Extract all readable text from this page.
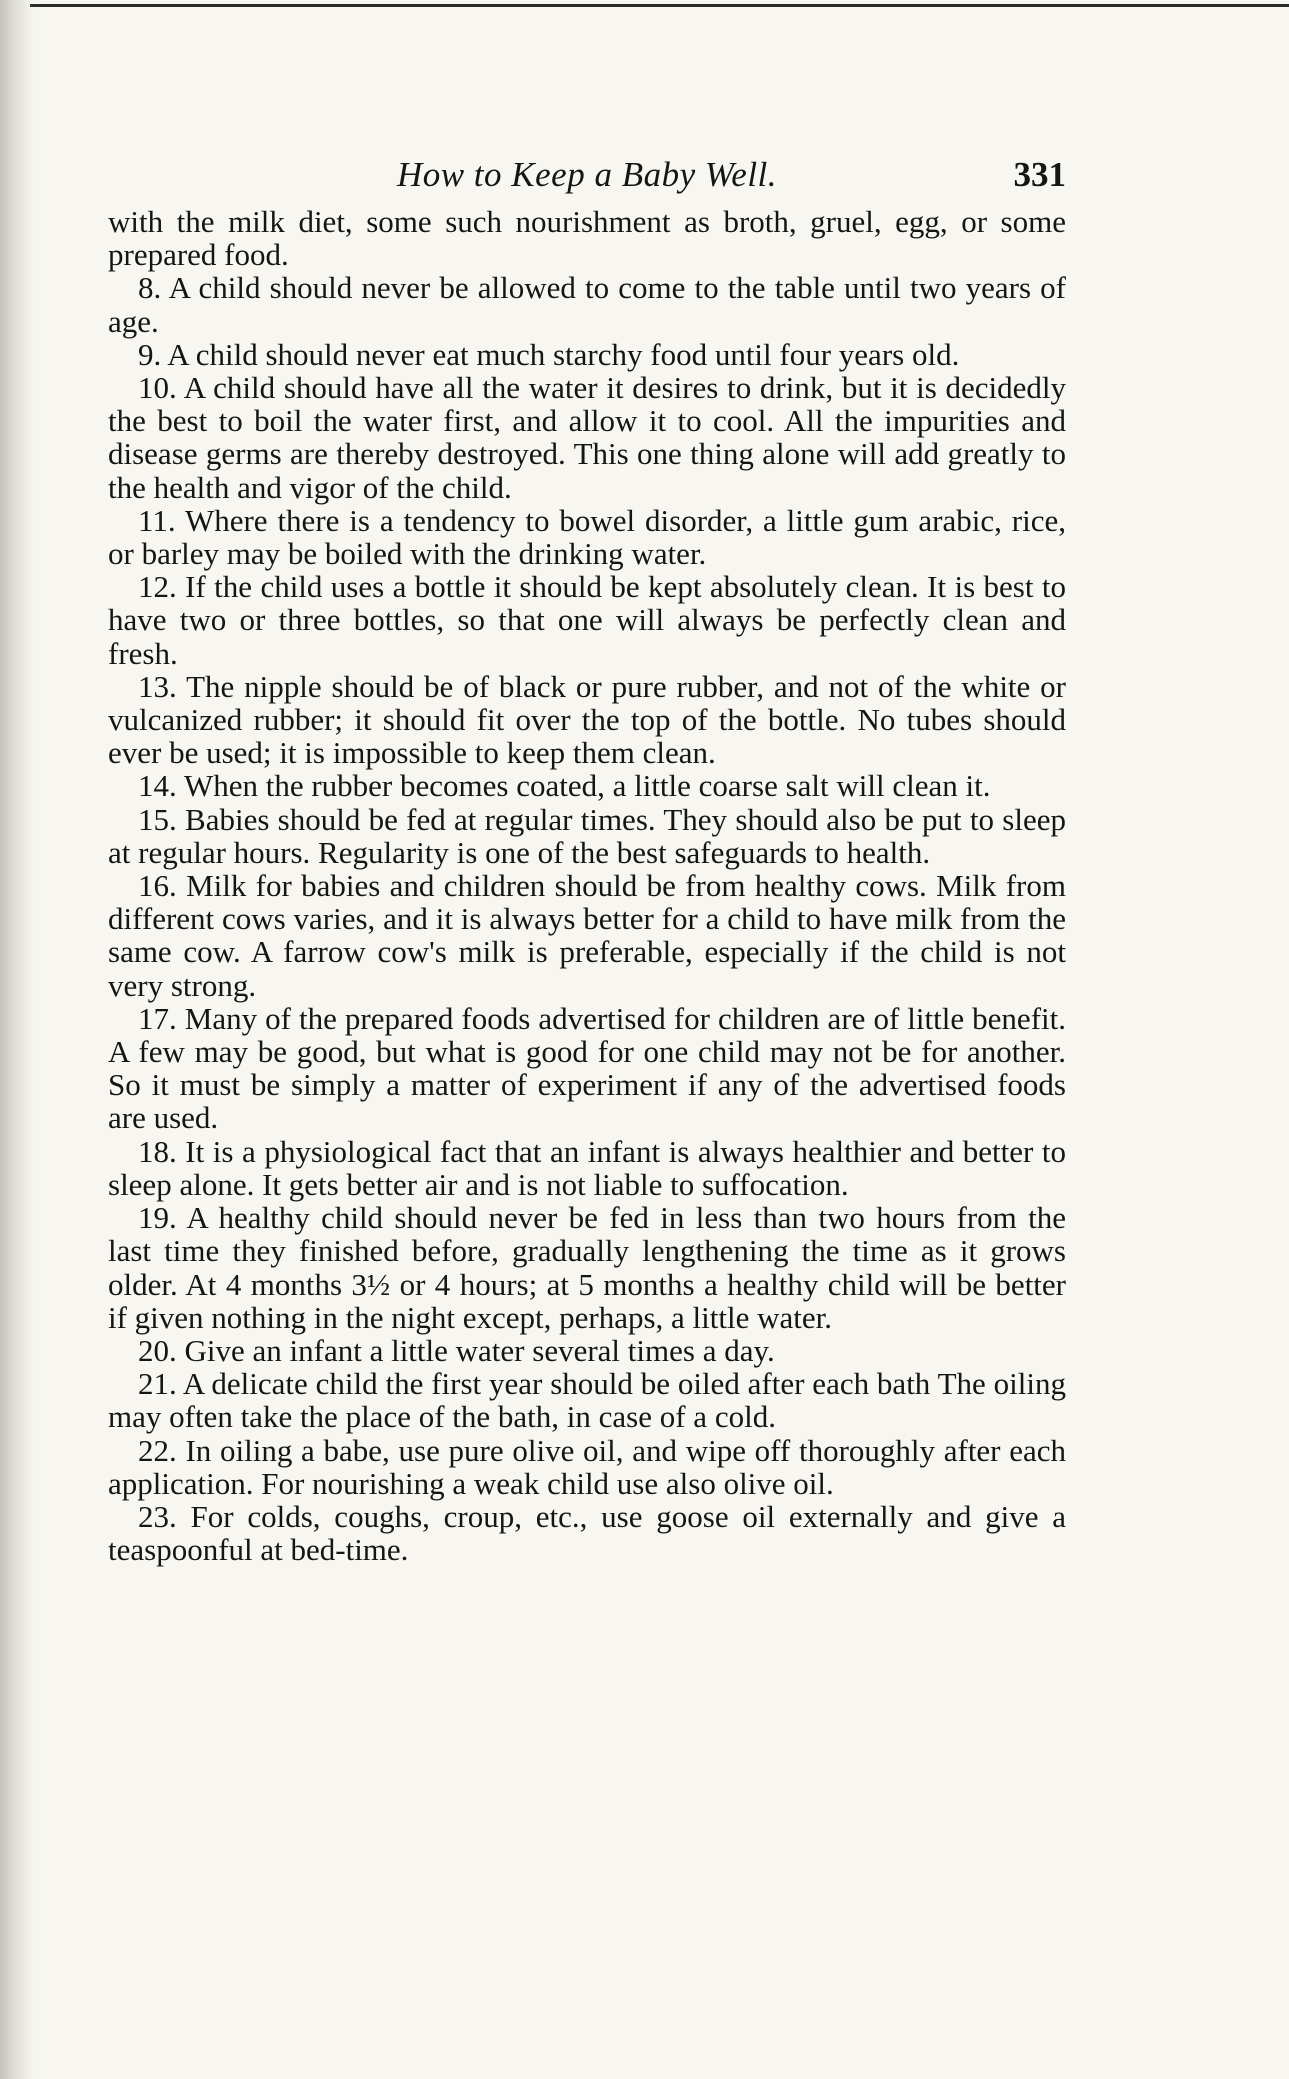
How to Keep a Baby Well.	331

with the milk diet, some such nourishment as broth, gruel, egg, or some prepared food.

8. A child should never be allowed to come to the table until two years of age.

9. A child should never eat much starchy food until four years old.

10. A child should have all the water it desires to drink, but it is decidedly the best to boil the water first, and allow it to cool. All the impurities and disease germs are thereby destroyed. This one thing alone will add greatly to the health and vigor of the child.

11. Where there is a tendency to bowel disorder, a little gum arabic, rice, or barley may be boiled with the drinking water.

12. If the child uses a bottle it should be kept absolutely clean. It is best to have two or three bottles, so that one will always be perfectly clean and fresh.

13. The nipple should be of black or pure rubber, and not of the white or vulcanized rubber; it should fit over the top of the bottle. No tubes should ever be used; it is impossible to keep them clean.

14. When the rubber becomes coated, a little coarse salt will clean it.

15. Babies should be fed at regular times. They should also be put to sleep at regular hours. Regularity is one of the best safeguards to health.

16. Milk for babies and children should be from healthy cows. Milk from different cows varies, and it is always better for a child to have milk from the same cow. A farrow cow's milk is preferable, especially if the child is not very strong.

17. Many of the prepared foods advertised for children are of little benefit. A few may be good, but what is good for one child may not be for another. So it must be simply a matter of experiment if any of the advertised foods are used.

18. It is a physiological fact that an infant is always healthier and better to sleep alone. It gets better air and is not liable to suffocation.

19. A healthy child should never be fed in less than two hours from the last time they finished before, gradually lengthening the time as it grows older. At 4 months 3½ or 4 hours; at 5 months a healthy child will be better if given nothing in the night except, perhaps, a little water.

20. Give an infant a little water several times a day.

21. A delicate child the first year should be oiled after each bath The oiling may often take the place of the bath, in case of a cold.

22. In oiling a babe, use pure olive oil, and wipe off thoroughly after each application. For nourishing a weak child use also olive oil.

23. For colds, coughs, croup, etc., use goose oil externally and give a teaspoonful at bed-time.
